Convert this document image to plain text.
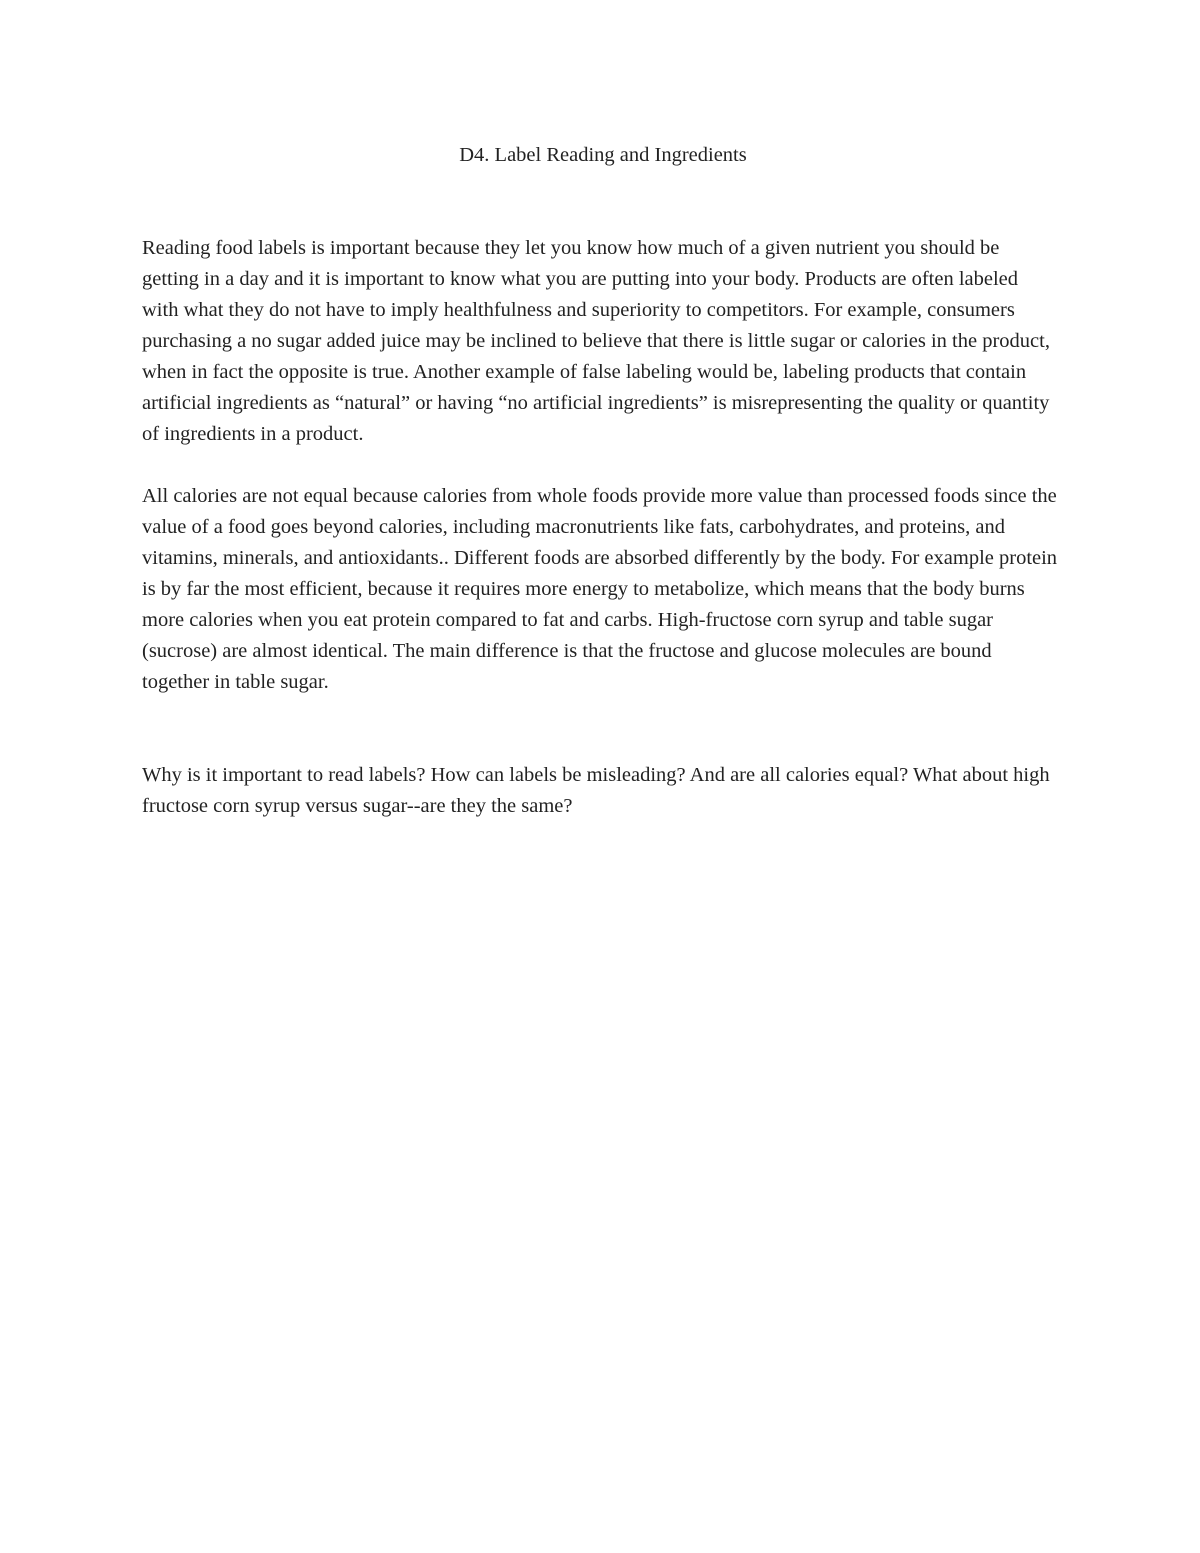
D4. Label Reading and Ingredients

Reading food labels is important because they let you know how much of a given nutrient you should be getting in a day and it is important to know what you are putting into your body. Products are often labeled with what they do not have to imply healthfulness and superiority to competitors. For example, consumers purchasing a no sugar added juice may be inclined to believe that there is little sugar or calories in the product, when in fact the opposite is true. Another example of false labeling would be, labeling products that contain artificial ingredients as “natural” or having “no artificial ingredients” is misrepresenting the quality or quantity of ingredients in a product.

All calories are not equal because calories from whole foods provide more value than processed foods since the value of a food goes beyond calories, including macronutrients like fats, carbohydrates, and proteins, and vitamins, minerals, and antioxidants.. Different foods are absorbed differently by the body. For example protein is by far the most efficient, because it requires more energy to metabolize, which means that the body burns more calories when you eat protein compared to fat and carbs. High-fructose corn syrup and table sugar (sucrose) are almost identical. The main difference is that the fructose and glucose molecules are bound together in table sugar.

Why is it important to read labels? How can labels be misleading? And are all calories equal? What about high fructose corn syrup versus sugar--are they the same?
